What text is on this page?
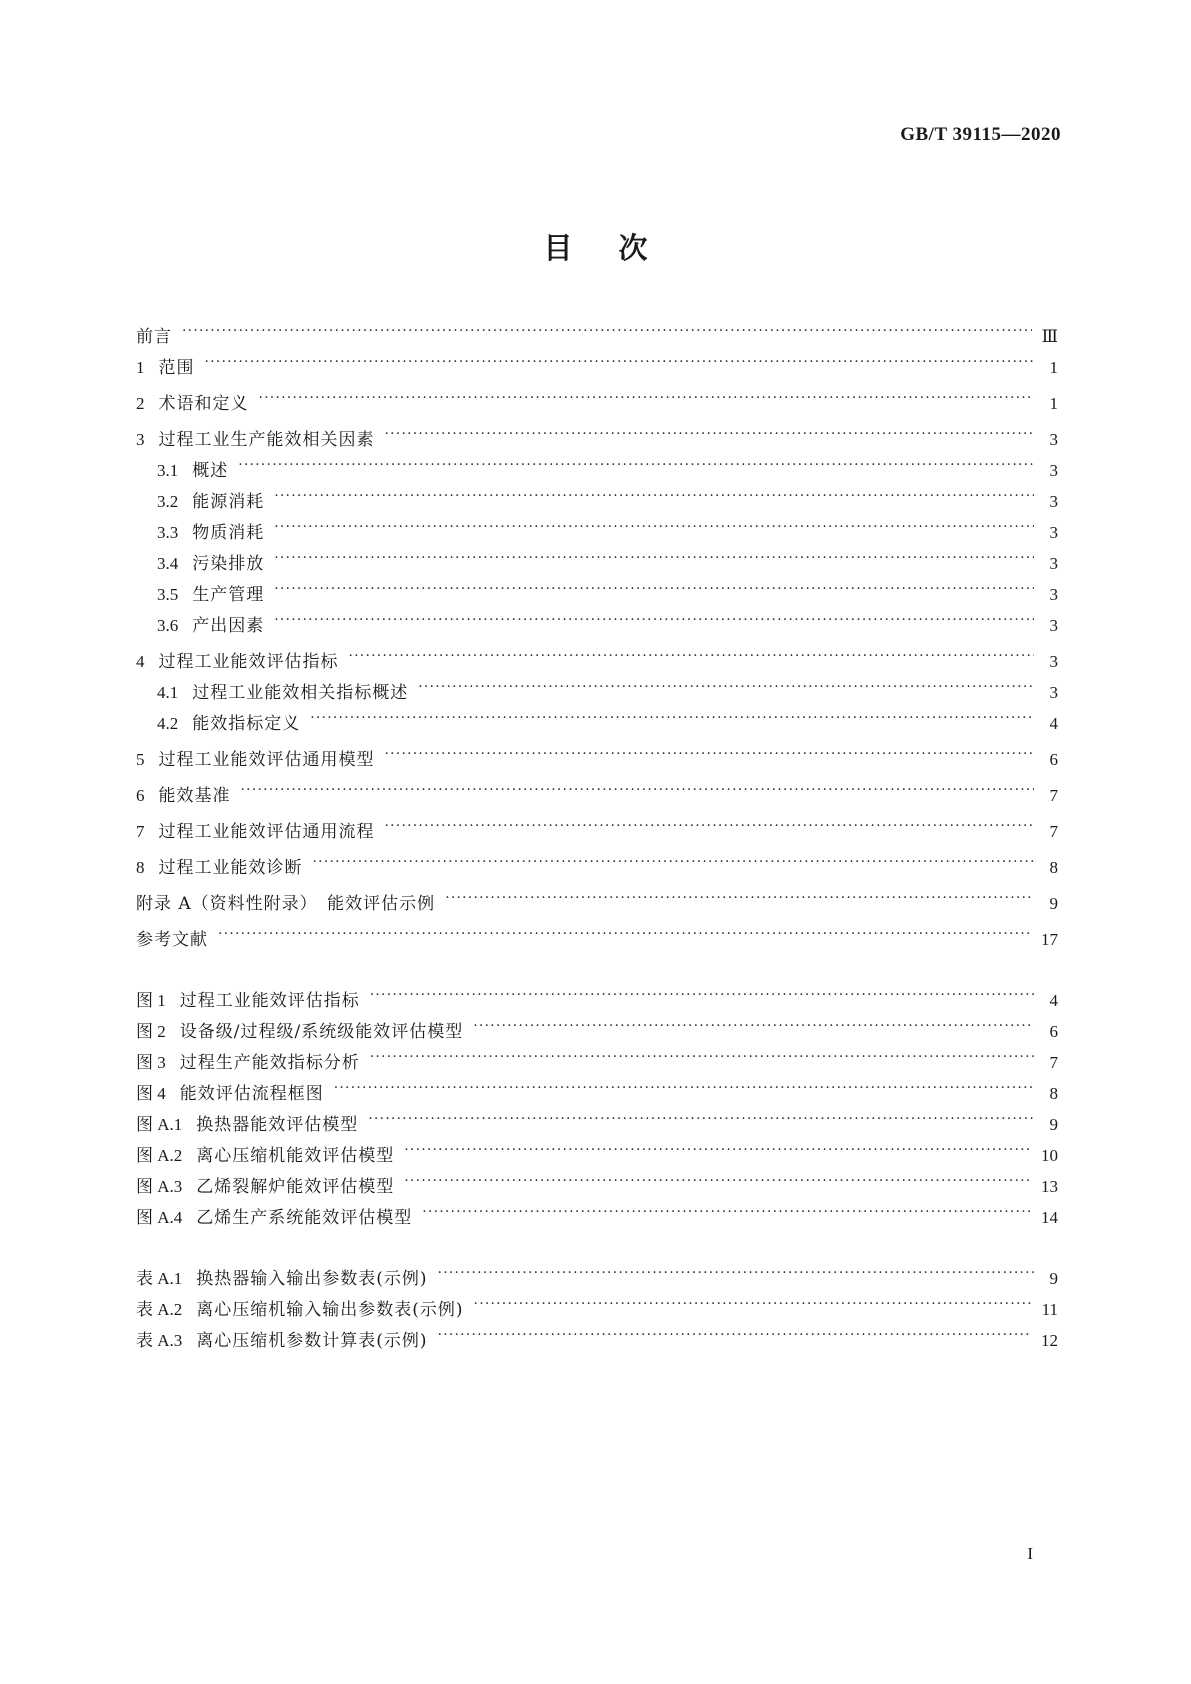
GB/T 39115—2020
目次
前言 ·····	Ⅲ
1 范围 ·····	1
2 术语和定义 ·····	1
3 过程工业生产能效相关因素 ·····	3
3.1 概述 ·····	3
3.2 能源消耗 ·····	3
3.3 物质消耗 ·····	3
3.4 污染排放 ·····	3
3.5 生产管理 ·····	3
3.6 产出因素 ·····	3
4 过程工业能效评估指标 ·····	3
4.1 过程工业能效相关指标概述 ·····	3
4.2 能效指标定义 ·····	4
5 过程工业能效评估通用模型 ·····	6
6 能效基准 ·····	7
7 过程工业能效评估通用流程 ·····	7
8 过程工业能效诊断 ·····	8
附录 A（资料性附录）　能效评估示例 ·····	9
参考文献 ·····	17
图 1 过程工业能效评估指标 ·····	4
图 2 设备级/过程级/系统级能效评估模型 ·····	6
图 3 过程生产能效指标分析 ·····	7
图 4 能效评估流程框图 ·····	8
图 A.1 换热器能效评估模型 ·····	9
图 A.2 离心压缩机能效评估模型 ·····	10
图 A.3 乙烯裂解炉能效评估模型 ·····	13
图 A.4 乙烯生产系统能效评估模型 ·····	14
表 A.1 换热器输入输出参数表(示例) ·····	9
表 A.2 离心压缩机输入输出参数表(示例) ·····	11
表 A.3 离心压缩机参数计算表(示例) ·····	12
I
